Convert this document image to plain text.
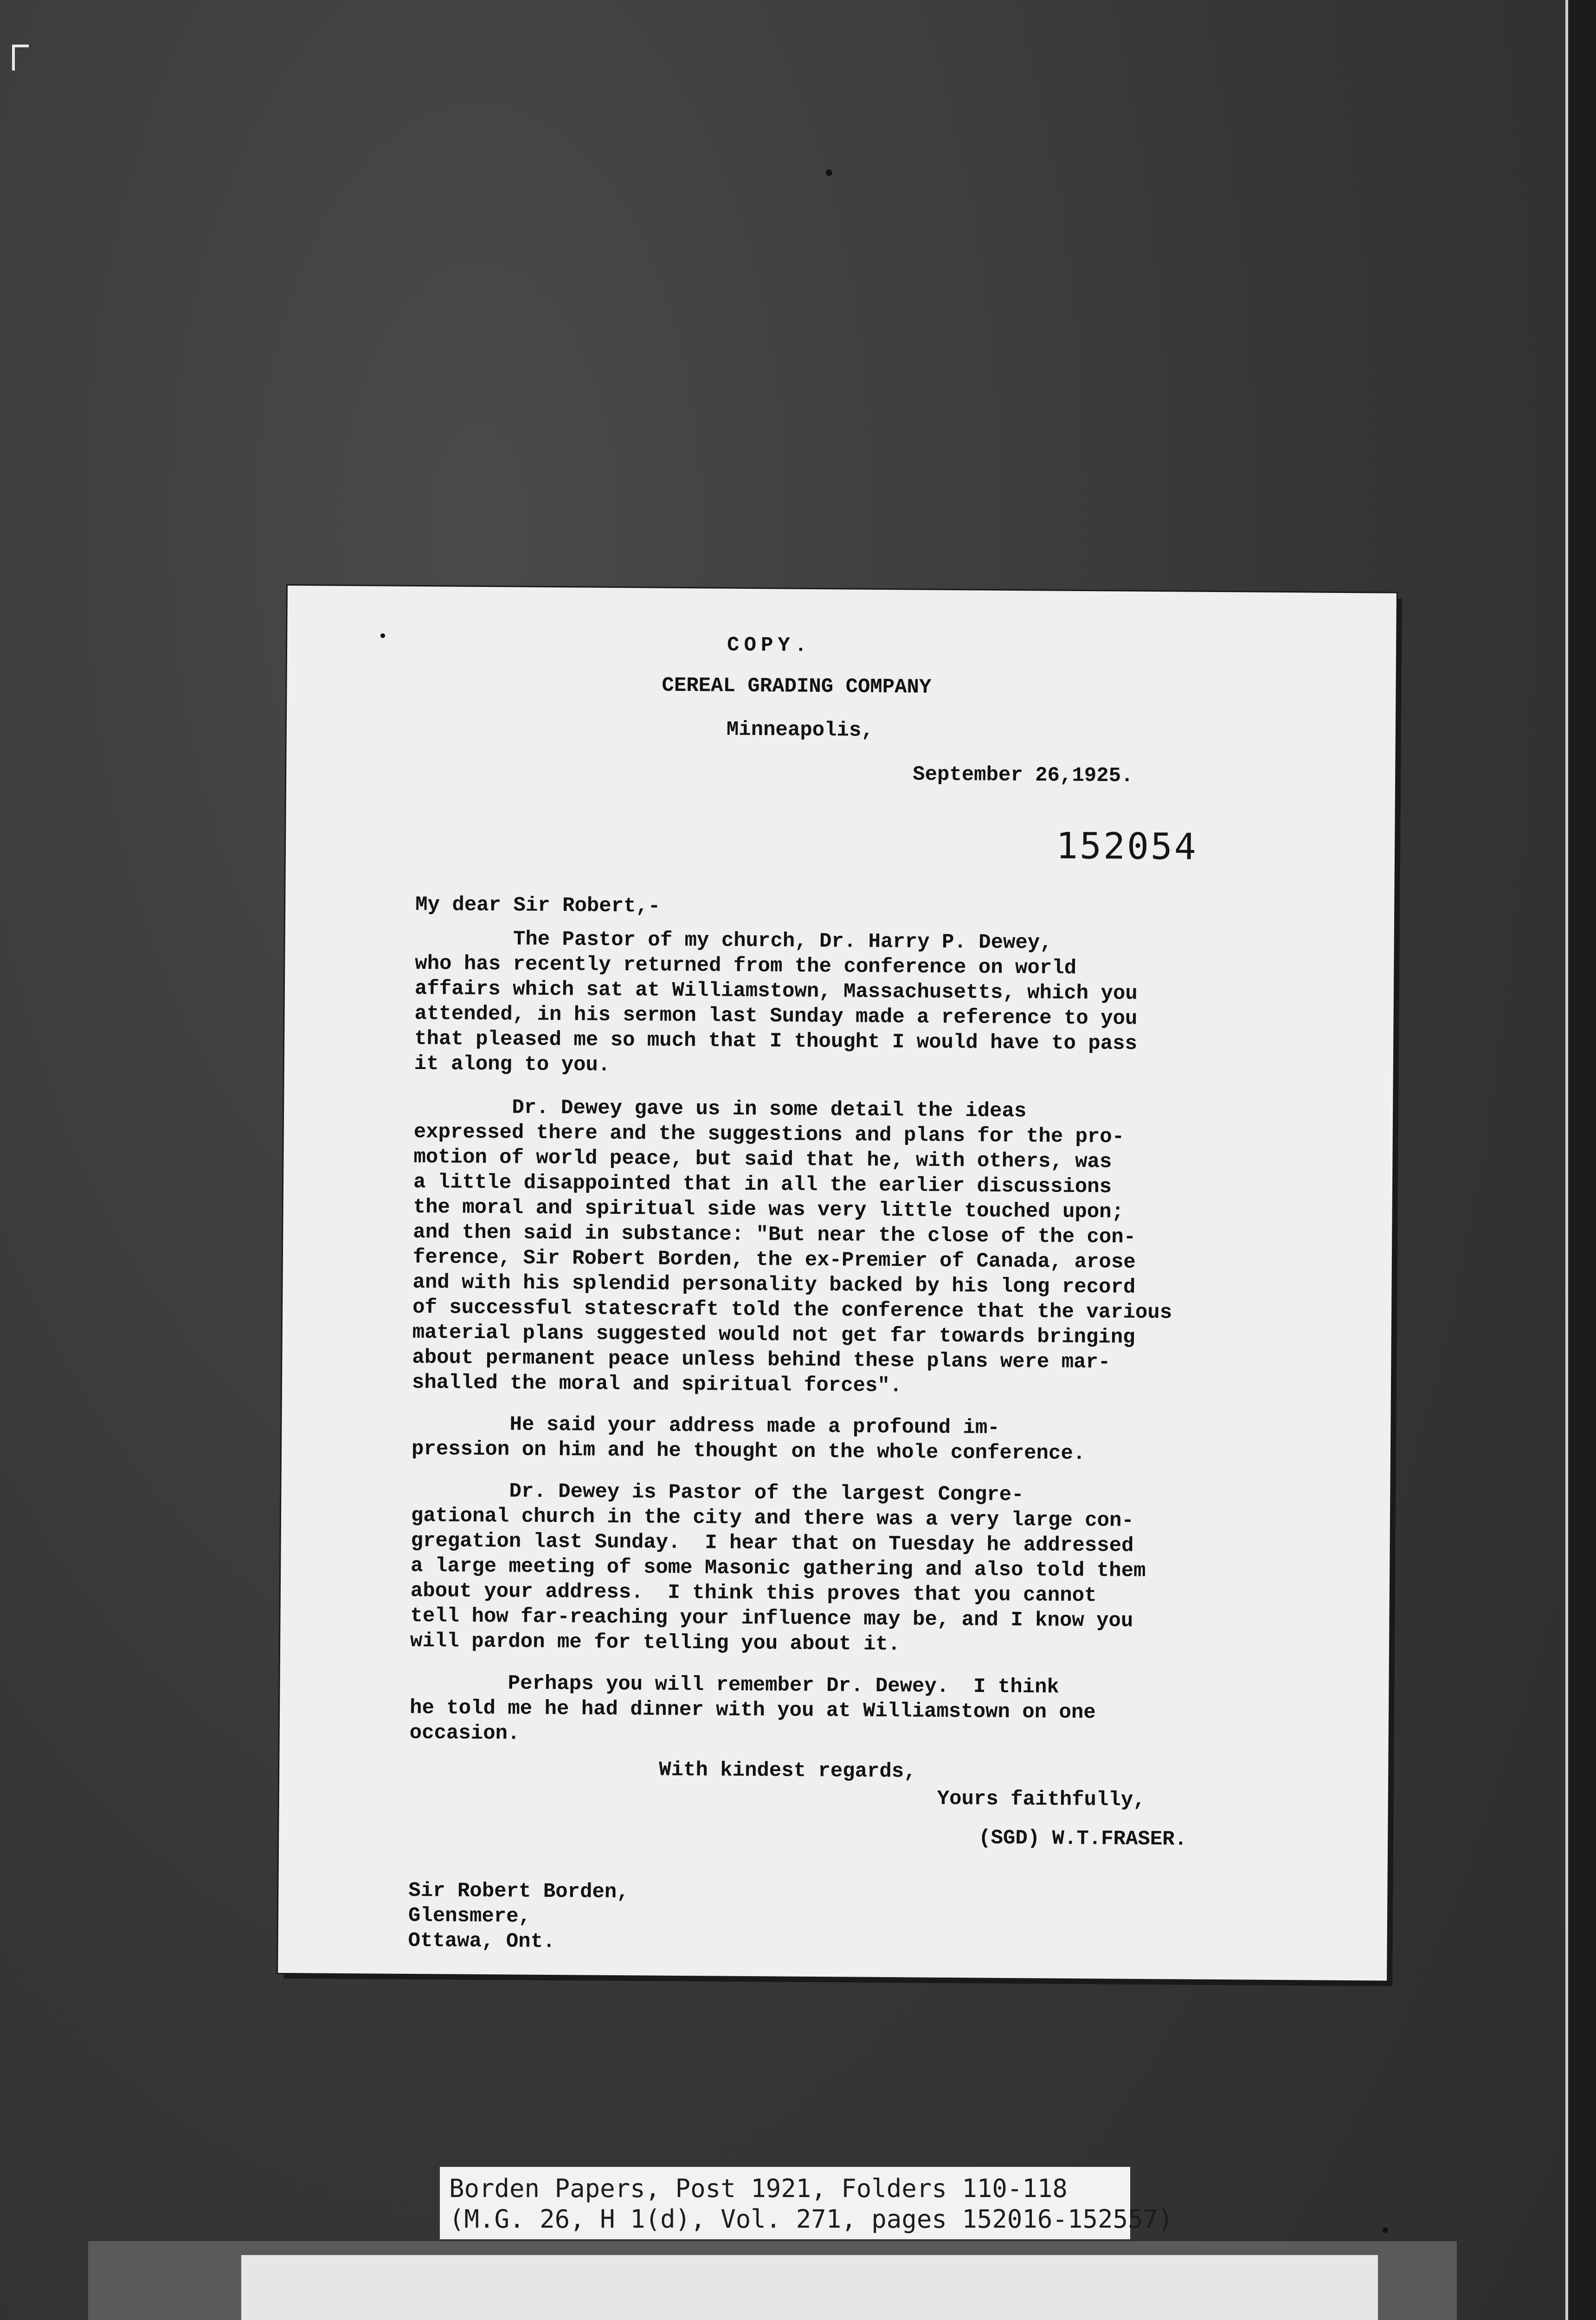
COPY.
CEREAL GRADING COMPANY
Minneapolis,
September 26,1925.
152054
My dear Sir Robert,-
The Pastor of my church, Dr. Harry P. Dewey,
who has recently returned from the conference on world
affairs which sat at Williamstown, Massachusetts, which you
attended, in his sermon last Sunday made a reference to you
that pleased me so much that I thought I would have to pass
it along to you.
Dr. Dewey gave us in some detail the ideas
expressed there and the suggestions and plans for the pro-
motion of world peace, but said that he, with others, was
a little disappointed that in all the earlier discussions
the moral and spiritual side was very little touched upon;
and then said in substance: "But near the close of the con-
ference, Sir Robert Borden, the ex-Premier of Canada, arose
and with his splendid personality backed by his long record
of successful statescraft told the conference that the various
material plans suggested would not get far towards bringing
about permanent peace unless behind these plans were mar-
shalled the moral and spiritual forces".
He said your address made a profound im-
pression on him and he thought on the whole conference.
Dr. Dewey is Pastor of the largest Congre-
gational church in the city and there was a very large con-
gregation last Sunday.  I hear that on Tuesday he addressed
a large meeting of some Masonic gathering and also told them
about your address.  I think this proves that you cannot
tell how far-reaching your influence may be, and I know you
will pardon me for telling you about it.
Perhaps you will remember Dr. Dewey.  I think
he told me he had dinner with you at Williamstown on one
occasion.
With kindest regards,
Yours faithfully,
(SGD) W.T.FRASER.
Sir Robert Borden,
Glensmere,
Ottawa, Ont.
Borden Papers, Post 1921, Folders 110-118
(M.G. 26, H 1(d), Vol. 271, pages 152016-152557)
